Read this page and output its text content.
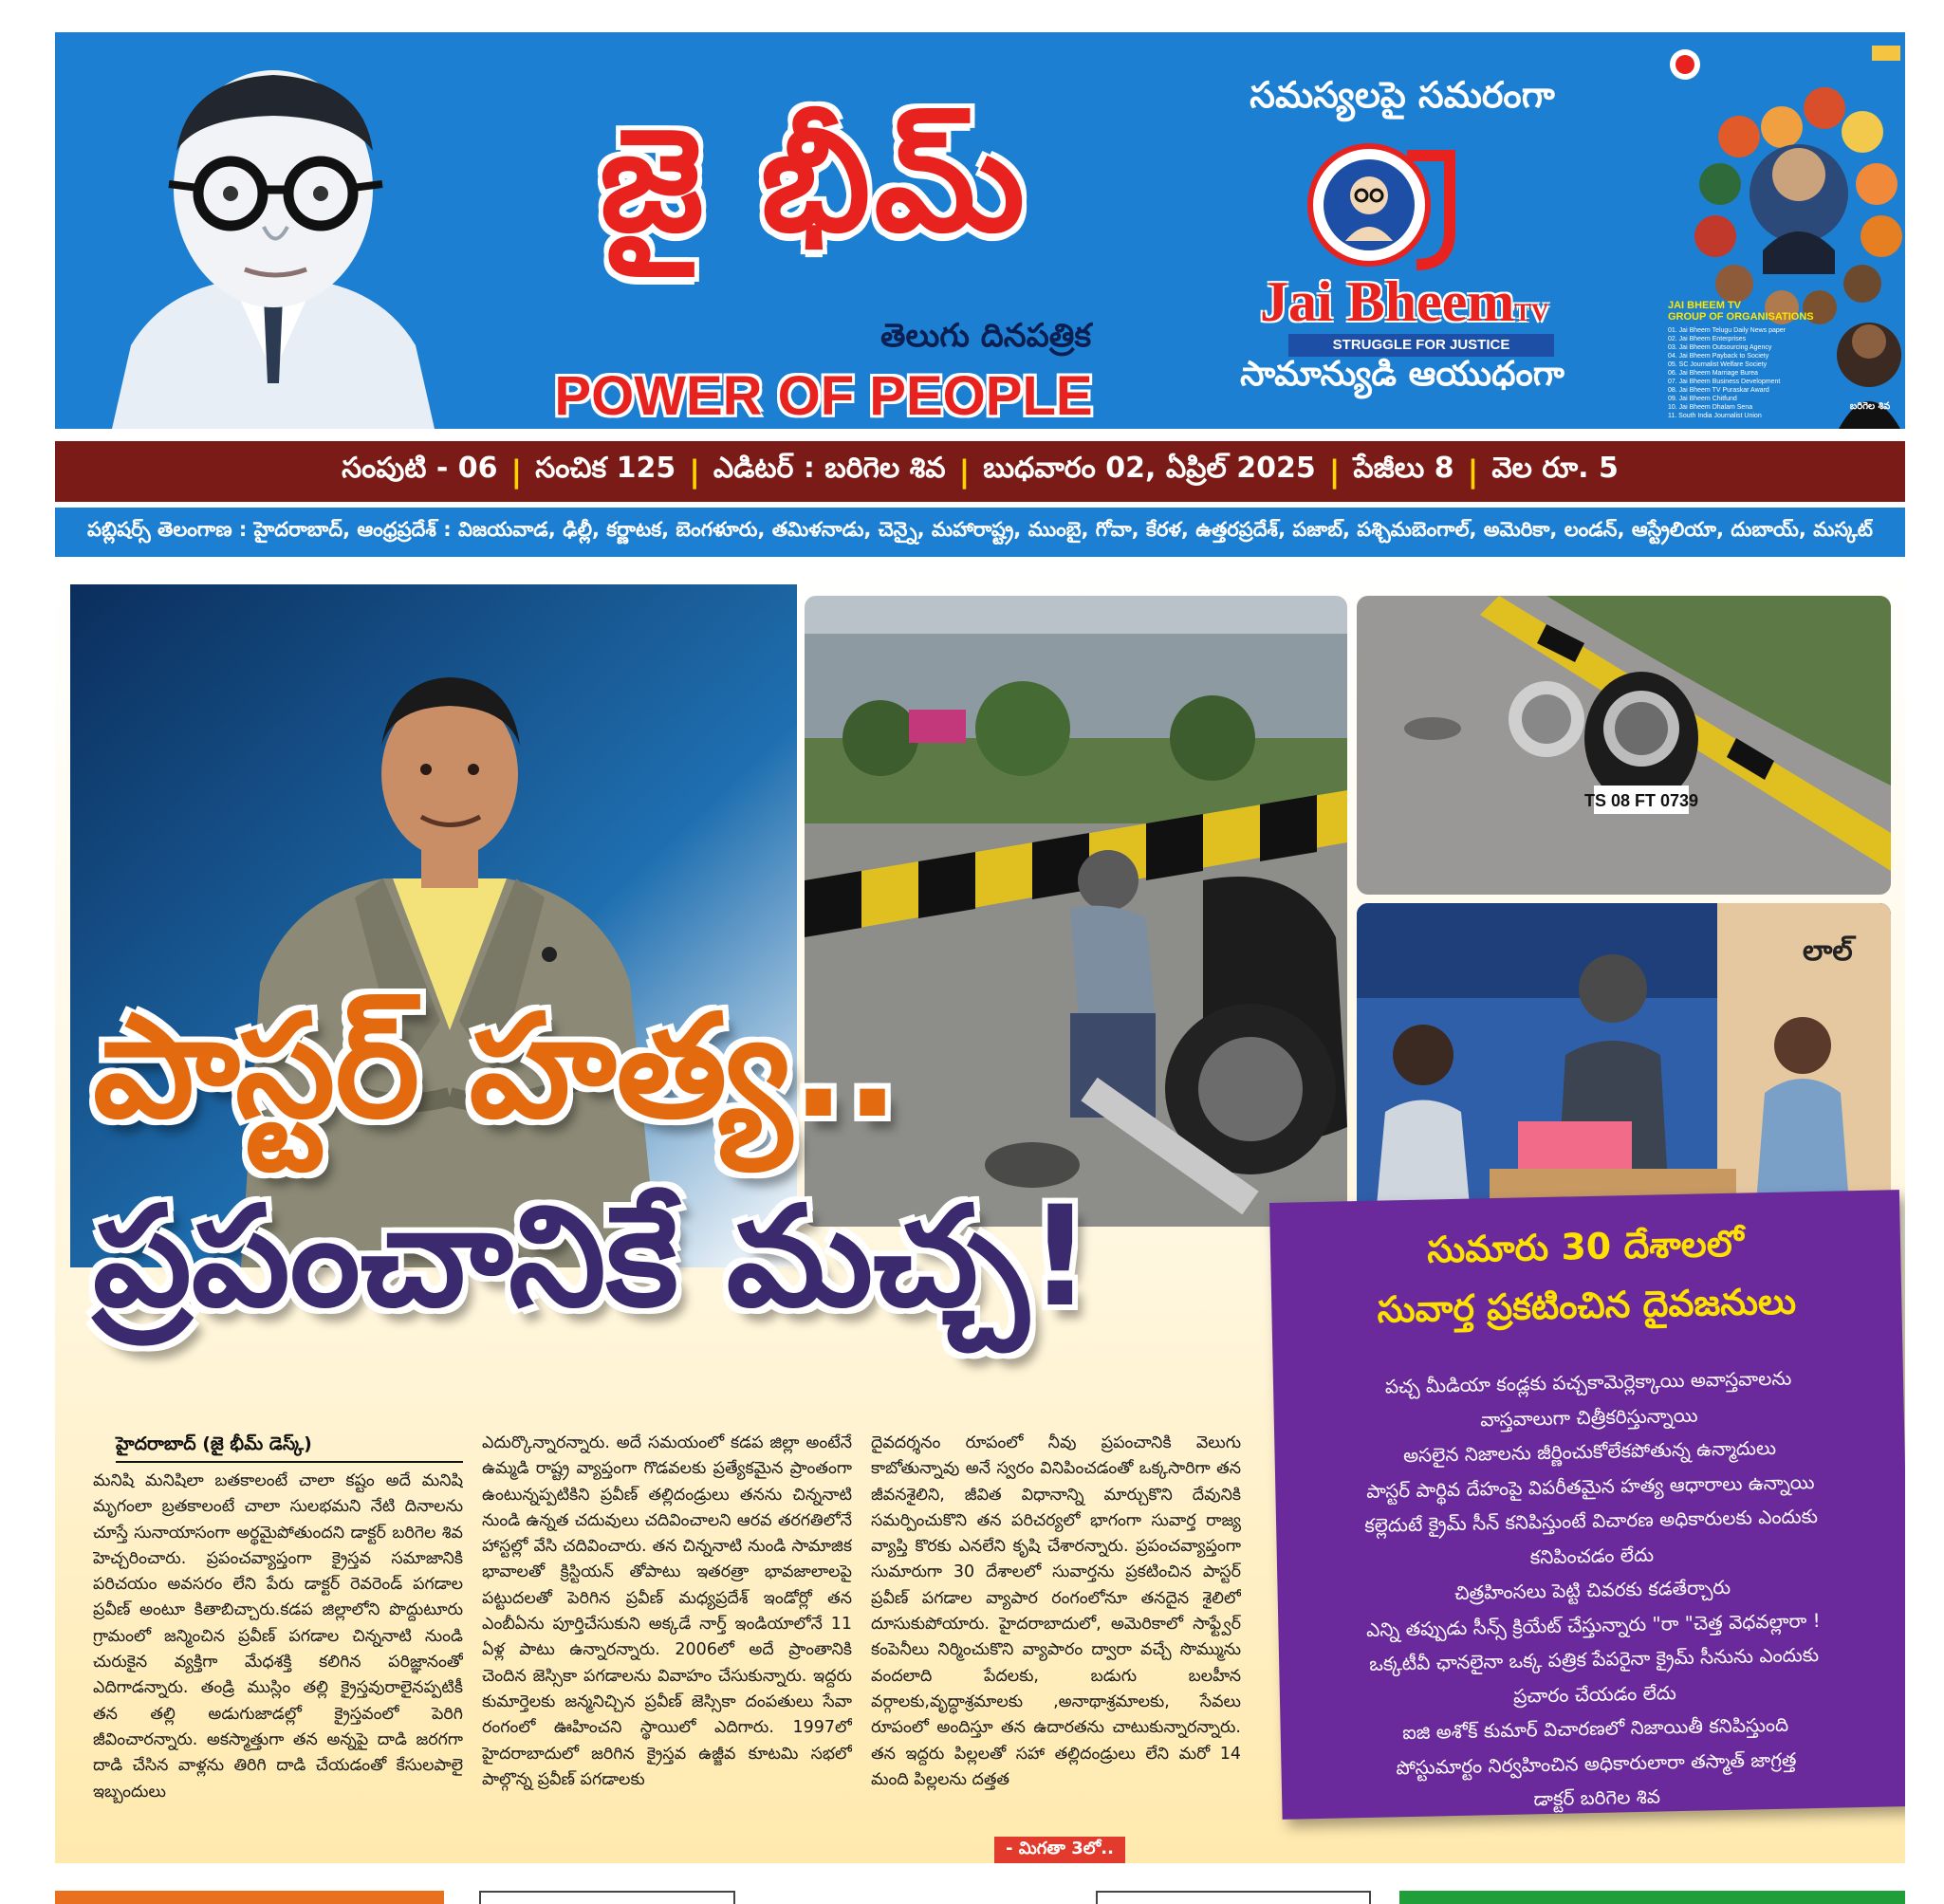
జై భీమ్
తెలుగు దినపత్రిక
POWER OF PEOPLE
సమస్యలపై సమరంగా
Jai BheemTV
STRUGGLE FOR JUSTICE
సామాన్యుడి ఆయుధంగా
JAI BHEEM TV
GROUP OF ORGANISATIONS
01. Jai Bheem Telugu Daily News paper
02. Jai Bheem Enterprises
03. Jai Bheem Outsourcing Agency
04. Jai Bheem Payback to Society
05. SC Journalist Welfare Society
06. Jai Bheem Marriage Burea
07. Jai Bheem Business Development
08. Jai Bheem TV Puraskar Award
09. Jai Bheem Chitfund
10. Jai Bheem Dhalam Sena
11. South India Journalist Union
బరిగెల శివ
సంపుటి - 06 | సంచిక 125 | ఎడిటర్ : బరిగెల శివ | బుధవారం 02, ఏప్రిల్ 2025 | పేజీలు 8 | వెల రూ. 5
పబ్లిషర్స్ తెలంగాణ : హైదరాబాద్, ఆంధ్రప్రదేశ్ : విజయవాడ, ఢిల్లీ, కర్ణాటక, బెంగళూరు, తమిళనాడు, చెన్నై, మహారాష్ట్ర, ముంబై, గోవా, కేరళ, ఉత్తరప్రదేశ్, పజాబ్, పశ్చిమబెంగాల్, అమెరికా, లండన్, ఆస్ట్రేలియా, దుబాయ్, మస్కట్
TS 08 FT 0739
లాల్
పాస్టర్ హత్య..
ప్రపంచానికే మచ్చ!	సుమారు 30 దేశాలలో
సువార్త ప్రకటించిన దైవజనులు
పచ్చ మీడియా కండ్లకు పచ్చకామెర్లెక్కాయి అవాస్తవాలను
వాస్తవాలుగా చిత్రీకరిస్తున్నాయి
అసలైన నిజాలను జీర్ణించుకోలేకపోతున్న ఉన్మాదులు
పాస్టర్ పార్థివ దేహంపై విపరీతమైన హత్య ఆధారాలు ఉన్నాయి
కల్లెదుటే క్రైమ్ సీన్ కనిపిస్తుంటే విచారణ అధికారులకు ఎందుకు
కనిపించడం లేదు
చిత్రహింసలు పెట్టి చివరకు కడతేర్చారు
ఎన్ని తప్పుడు సీన్స్ క్రియేట్ చేస్తున్నారు "రా "చెత్త వెధవల్లారా !
ఒక్కటీవీ ఛానలైనా ఒక్క పత్రిక పేపరైనా క్రైమ్ సీనును ఎందుకు
ప్రచారం చేయడం లేదు
ఐజి అశోక్ కుమార్ విచారణలో నిజాయితీ కనిపిస్తుంది
పోస్టుమార్టం నిర్వహించిన అధికారులారా తస్మాత్ జాగ్రత్త
డాక్టర్ బరిగెల శివ
హైదరాబాద్ (జై భీమ్ డెస్క్)

మనిషి మనిషిలా బతకాలంటే చాలా కష్టం అదే మనిషి మృగంలా బ్రతకాలంటే చాలా సులభమని నేటి దినాలను చూస్తే సునాయాసంగా అర్థమైపోతుందని డాక్టర్ బరిగెల శివ హెచ్చరించారు. ప్రపంచవ్యాప్తంగా క్రైస్తవ సమాజానికి పరిచయం అవసరం లేని పేరు డాక్టర్ రెవరెండ్ పగడాల ప్రవీణ్ అంటూ కితాబిచ్చారు.కడప జిల్లాలోని పొద్దుటూరు గ్రామంలో జన్మించిన ప్రవీణ్ పగడాల చిన్ననాటి నుండి చురుకైన వ్యక్తిగా మేధశక్తి కలిగిన పరిజ్ఞానంతో ఎదిగాడన్నారు. తండ్రి ముస్లిం తల్లి క్రైస్తవురాలైనప్పటికీ తన తల్లి అడుగుజాడల్లో క్రైస్తవంలో పెరిగి జీవించారన్నారు. అకస్మాత్తుగా తన అన్నపై దాడి జరగగా దాడి చేసిన వాళ్లను తిరిగి దాడి చేయడంతో కేసులపాలై ఇబ్బందులు

ఎదుర్కొన్నారన్నారు. అదే సమయంలో కడప జిల్లా అంటేనే ఉమ్మడి రాష్ట్ర వ్యాప్తంగా గొడవలకు ప్రత్యేకమైన ప్రాంతంగా ఉంటున్నప్పటికిని ప్రవీణ్ తల్లిదండ్రులు తనను చిన్ననాటి నుండి ఉన్నత చదువులు చదివించాలని ఆరవ తరగతిలోనే హాస్టల్లో వేసి చదివించారు. తన చిన్ననాటి నుండి సామాజిక భావాలతో క్రిస్టియన్ తోపాటు ఇతరత్రా భావజాలాలపై పట్టుదలతో పెరిగిన ప్రవీణ్ మధ్యప్రదేశ్ ఇండోర్లో తన ఎంబీఏను పూర్తిచేసుకుని అక్కడే నార్త్ ఇండియాలోనే 11 ఏళ్ల పాటు ఉన్నారన్నారు. 2006లో అదే ప్రాంతానికి చెందిన జెస్సికా పగడాలను వివాహం చేసుకున్నారు. ఇద్దరు కుమార్తెలకు జన్మనిచ్చిన ప్రవీణ్ జెస్సికా దంపతులు సేవా రంగంలో ఊహించని స్థాయిలో ఎదిగారు. 1997లో హైదరాబాదులో జరిగిన క్రైస్తవ ఉజ్జీవ కూటమి సభలో పాల్గొన్న ప్రవీణ్ పగడాలకు

దైవదర్శనం రూపంలో నీవు ప్రపంచానికి వెలుగు కాబోతున్నావు అనే స్వరం వినిపించడంతో ఒక్కసారిగా తన జీవనశైలిని, జీవిత విధానాన్ని మార్చుకొని దేవునికి సమర్పించుకొని తన పరిచర్యలో భాగంగా సువార్త రాజ్య వ్యాప్తి కొరకు ఎనలేని కృషి చేశారన్నారు. ప్రపంచవ్యాప్తంగా సుమారుగా 30 దేశాలలో సువార్తను ప్రకటించిన పాస్టర్ ప్రవీణ్ పగడాల వ్యాపార రంగంలోనూ తనదైన శైలిలో దూసుకుపోయారు. హైదరాబాదులో, అమెరికాలో సాఫ్ట్వేర్ కంపెనీలు నిర్మించుకొని వ్యాపారం ద్వారా వచ్చే సొమ్మును వందలాది పేదలకు, బడుగు బలహీన వర్గాలకు,వృద్ధాశ్రమాలకు ,అనాథాశ్రమాలకు, సేవలు రూపంలో అందిస్తూ తన ఉదారతను చాటుకున్నారన్నారు. తన ఇద్దరు పిల్లలతో సహా తల్లిదండ్రులు లేని మరో 14 మంది పిల్లలను దత్తత

- మిగతా 3లో..
